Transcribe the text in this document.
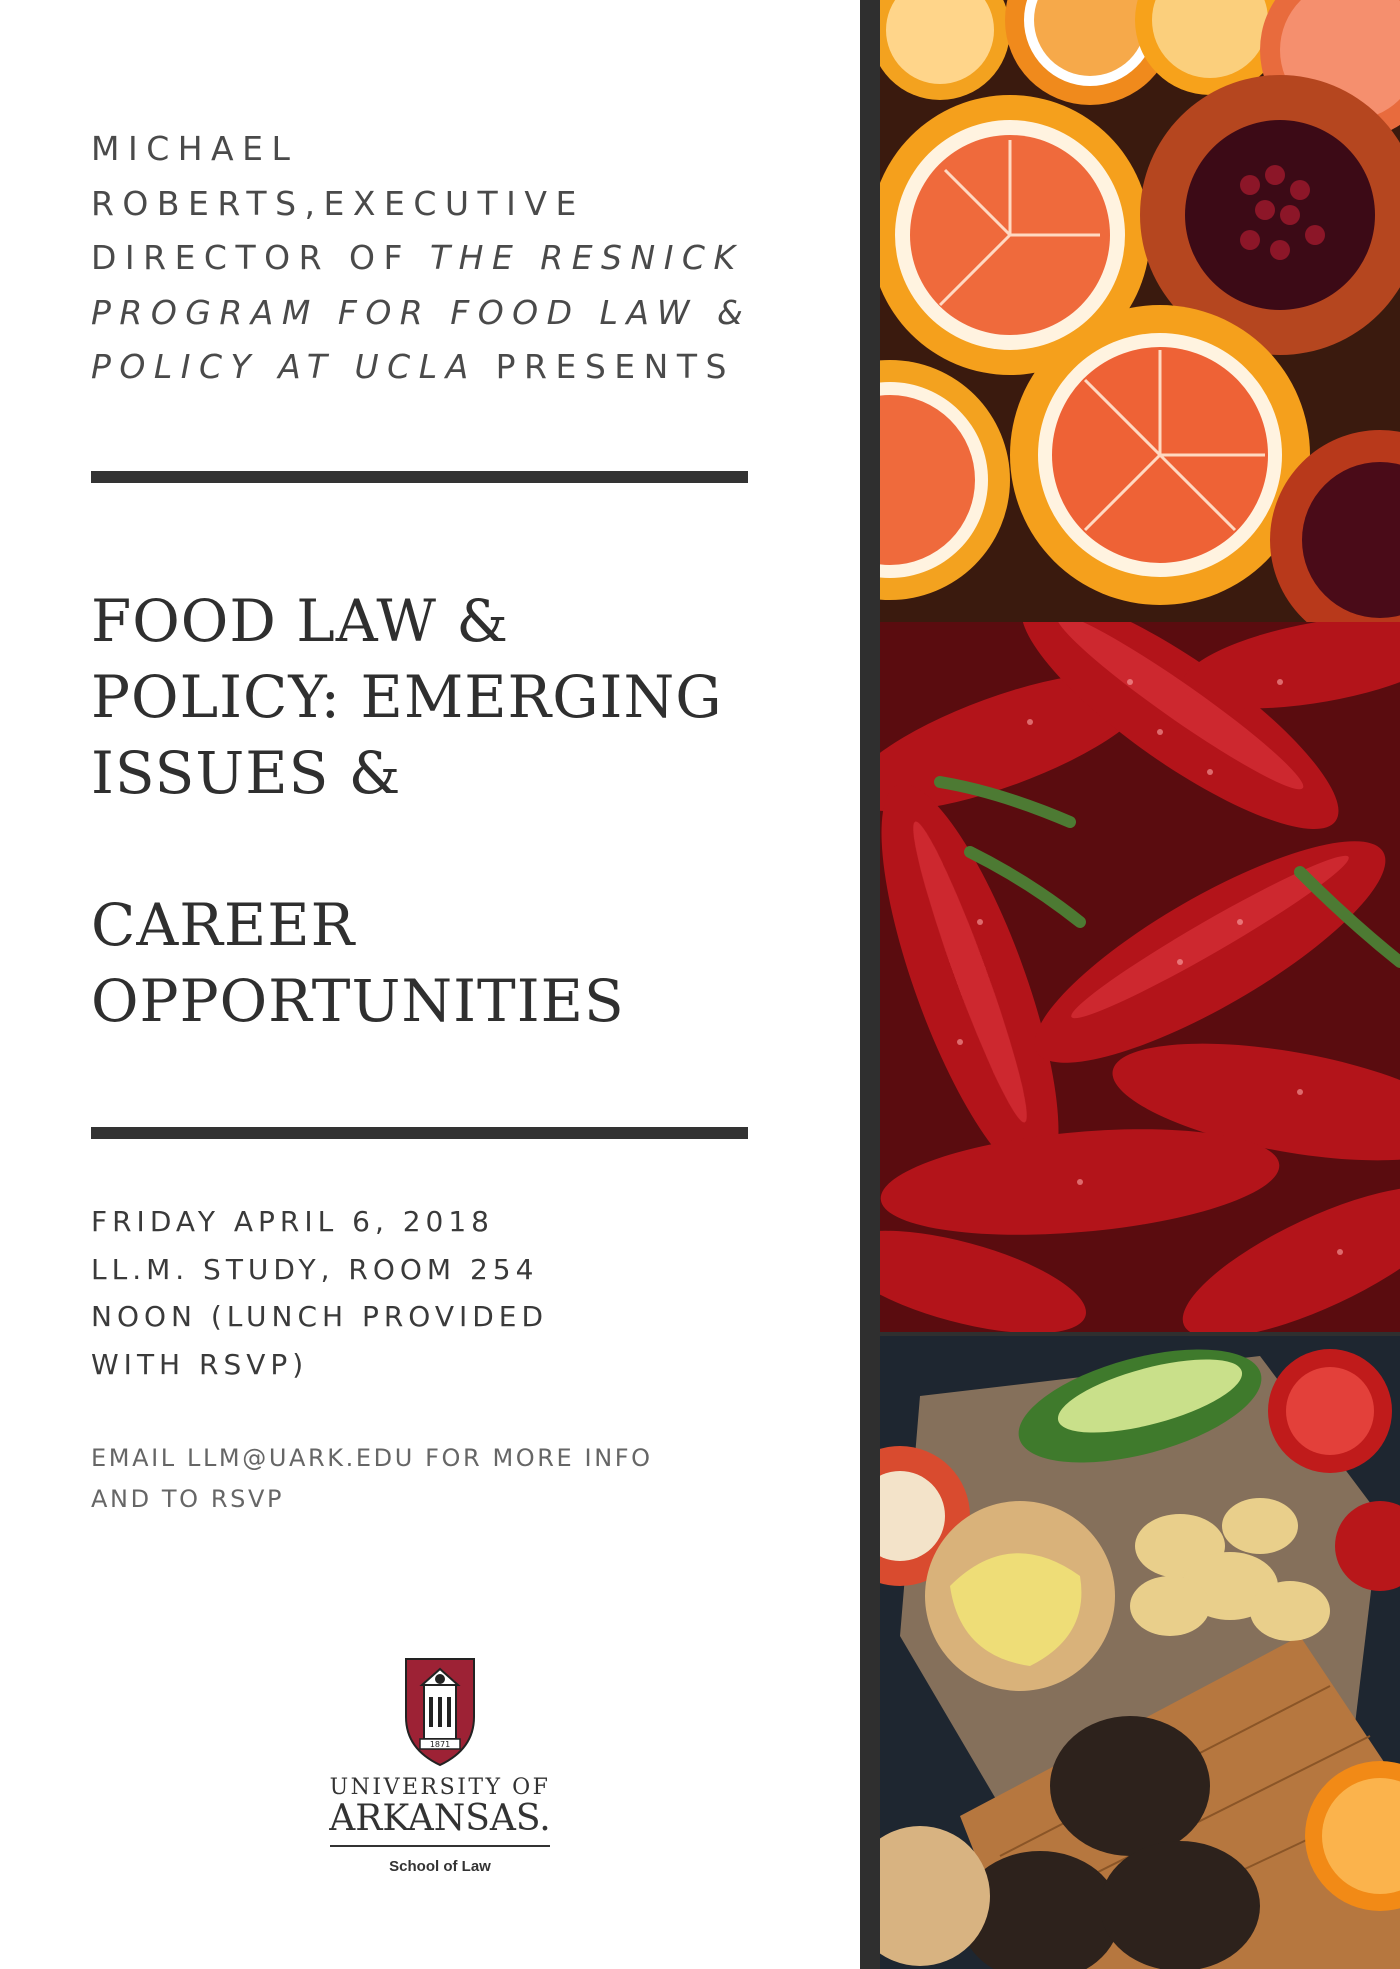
MICHAEL
ROBERTS,EXECUTIVE
DIRECTOR OF THE RESNICK
PROGRAM FOR FOOD LAW &
POLICY AT UCLA PRESENTS
FOOD LAW &
POLICY: EMERGING
ISSUES &
CAREER
OPPORTUNITIES
FRIDAY APRIL 6, 2018
LL.M. STUDY, ROOM 254
NOON (LUNCH PROVIDED
WITH RSVP)
EMAIL LLM@UARK.EDU FOR MORE INFO
AND TO RSVP
1871
UNIVERSITY OF
ARKANSAS.
School of Law
